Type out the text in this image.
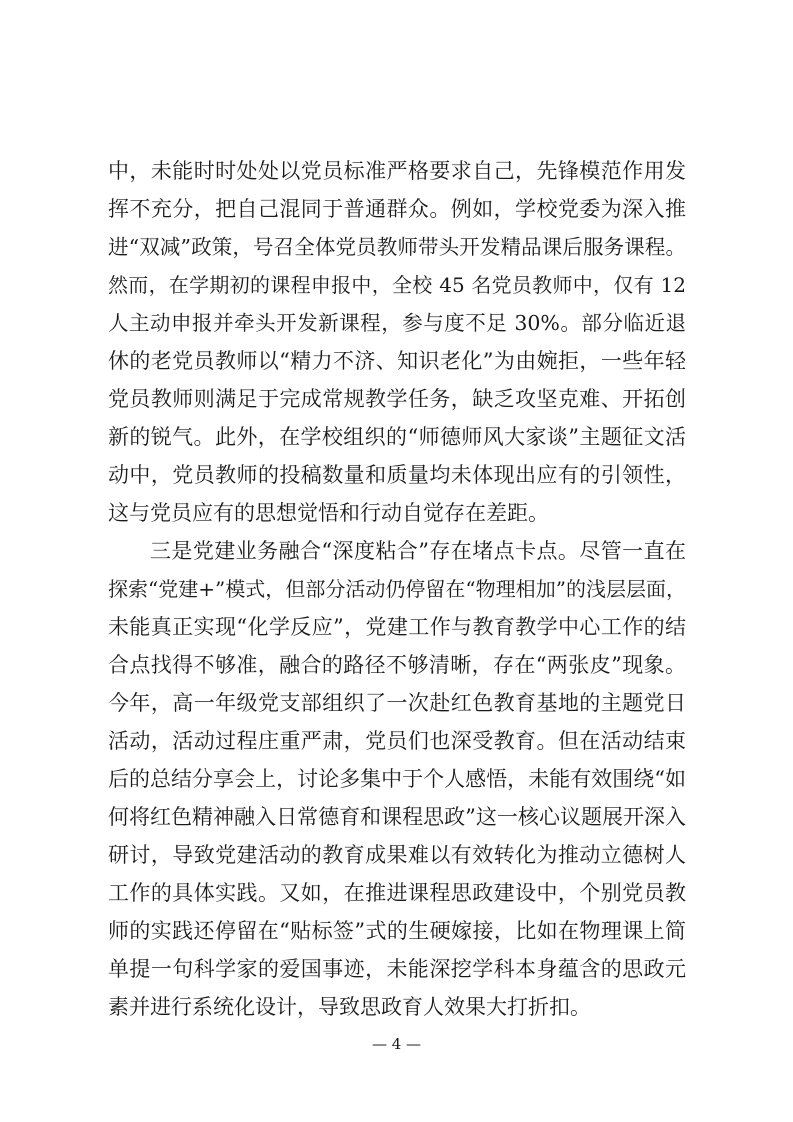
中，未能时时处处以党员标准严格要求自己，先锋模范作用发
挥不充分，把自己混同于普通群众。例如，学校党委为深入推
进“双减”政策，号召全体党员教师带头开发精品课后服务课程。
然而，在学期初的课程申报中，全校 45 名党员教师中，仅有 12
人主动申报并牵头开发新课程，参与度不足 30%。部分临近退
休的老党员教师以“精力不济、知识老化”为由婉拒，一些年轻
党员教师则满足于完成常规教学任务，缺乏攻坚克难、开拓创
新的锐气。此外，在学校组织的“师德师风大家谈”主题征文活
动中，党员教师的投稿数量和质量均未体现出应有的引领性，
这与党员应有的思想觉悟和行动自觉存在差距。
三是党建业务融合“深度粘合”存在堵点卡点。尽管一直在
探索“党建+”模式，但部分活动仍停留在“物理相加”的浅层层面，
未能真正实现“化学反应”，党建工作与教育教学中心工作的结
合点找得不够准，融合的路径不够清晰，存在“两张皮”现象。
今年，高一年级党支部组织了一次赴红色教育基地的主题党日
活动，活动过程庄重严肃，党员们也深受教育。但在活动结束
后的总结分享会上，讨论多集中于个人感悟，未能有效围绕“如
何将红色精神融入日常德育和课程思政”这一核心议题展开深入
研讨，导致党建活动的教育成果难以有效转化为推动立德树人
工作的具体实践。又如，在推进课程思政建设中，个别党员教
师的实践还停留在“贴标签”式的生硬嫁接，比如在物理课上简
单提一句科学家的爱国事迹，未能深挖学科本身蕴含的思政元
素并进行系统化设计，导致思政育人效果大打折扣。
— 4 —
